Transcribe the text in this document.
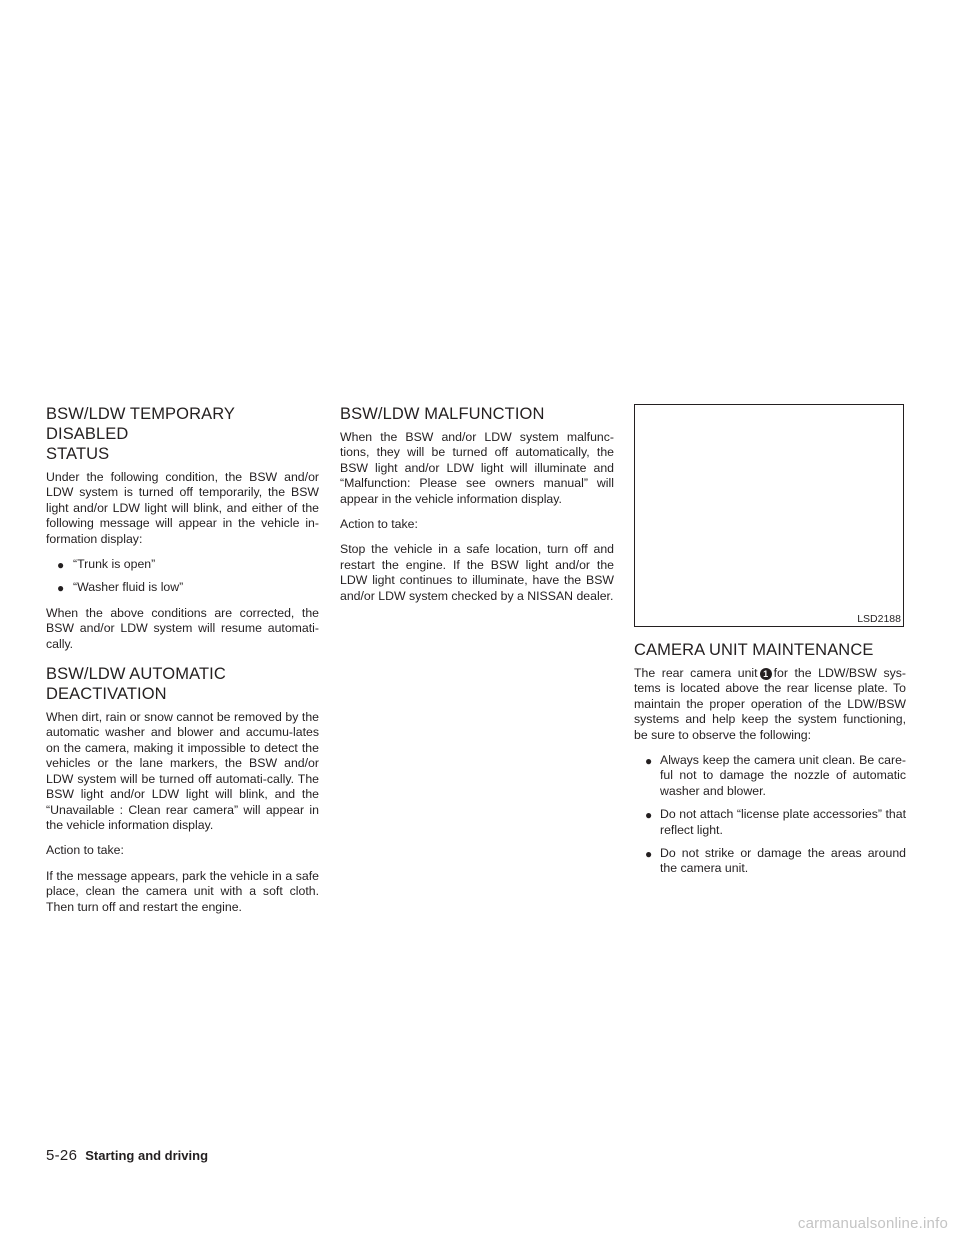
BSW/LDW TEMPORARY DISABLED
STATUS

Under the following condition, the BSW and/or LDW system is turned off temporarily, the BSW light and/or LDW light will blink, and either of the following message will appear in the vehicle in-formation display:

● “Trunk is open”
● “Washer fluid is low”

When the above conditions are corrected, the BSW and/or LDW system will resume automati-cally.

BSW/LDW AUTOMATIC
DEACTIVATION

When dirt, rain or snow cannot be removed by the automatic washer and blower and accumu-lates on the camera, making it impossible to detect the vehicles or the lane markers, the BSW and/or LDW system will be turned off automati-cally. The BSW light and/or LDW light will blink, and the “Unavailable : Clean rear camera” will appear in the vehicle information display.

Action to take:

If the message appears, park the vehicle in a safe place, clean the camera unit with a soft cloth. Then turn off and restart the engine.

BSW/LDW MALFUNCTION

When the BSW and/or LDW system malfunc-tions, they will be turned off automatically, the BSW light and/or LDW light will illuminate and “Malfunction: Please see owners manual” will appear in the vehicle information display.

Action to take:

Stop the vehicle in a safe location, turn off and restart the engine. If the BSW light and/or the LDW light continues to illuminate, have the BSW and/or LDW system checked by a NISSAN dealer.

LSD2188
CAMERA UNIT MAINTENANCE

The rear camera unit 1 for the LDW/BSW sys-tems is located above the rear license plate. To maintain the proper operation of the LDW/BSW systems and help keep the system functioning, be sure to observe the following:

● Always keep the camera unit clean. Be care-ful not to damage the nozzle of automatic washer and blower.
● Do not attach “license plate accessories” that reflect light.
● Do not strike or damage the areas around the camera unit.
5-26 Starting and driving
carmanualsonline.info
